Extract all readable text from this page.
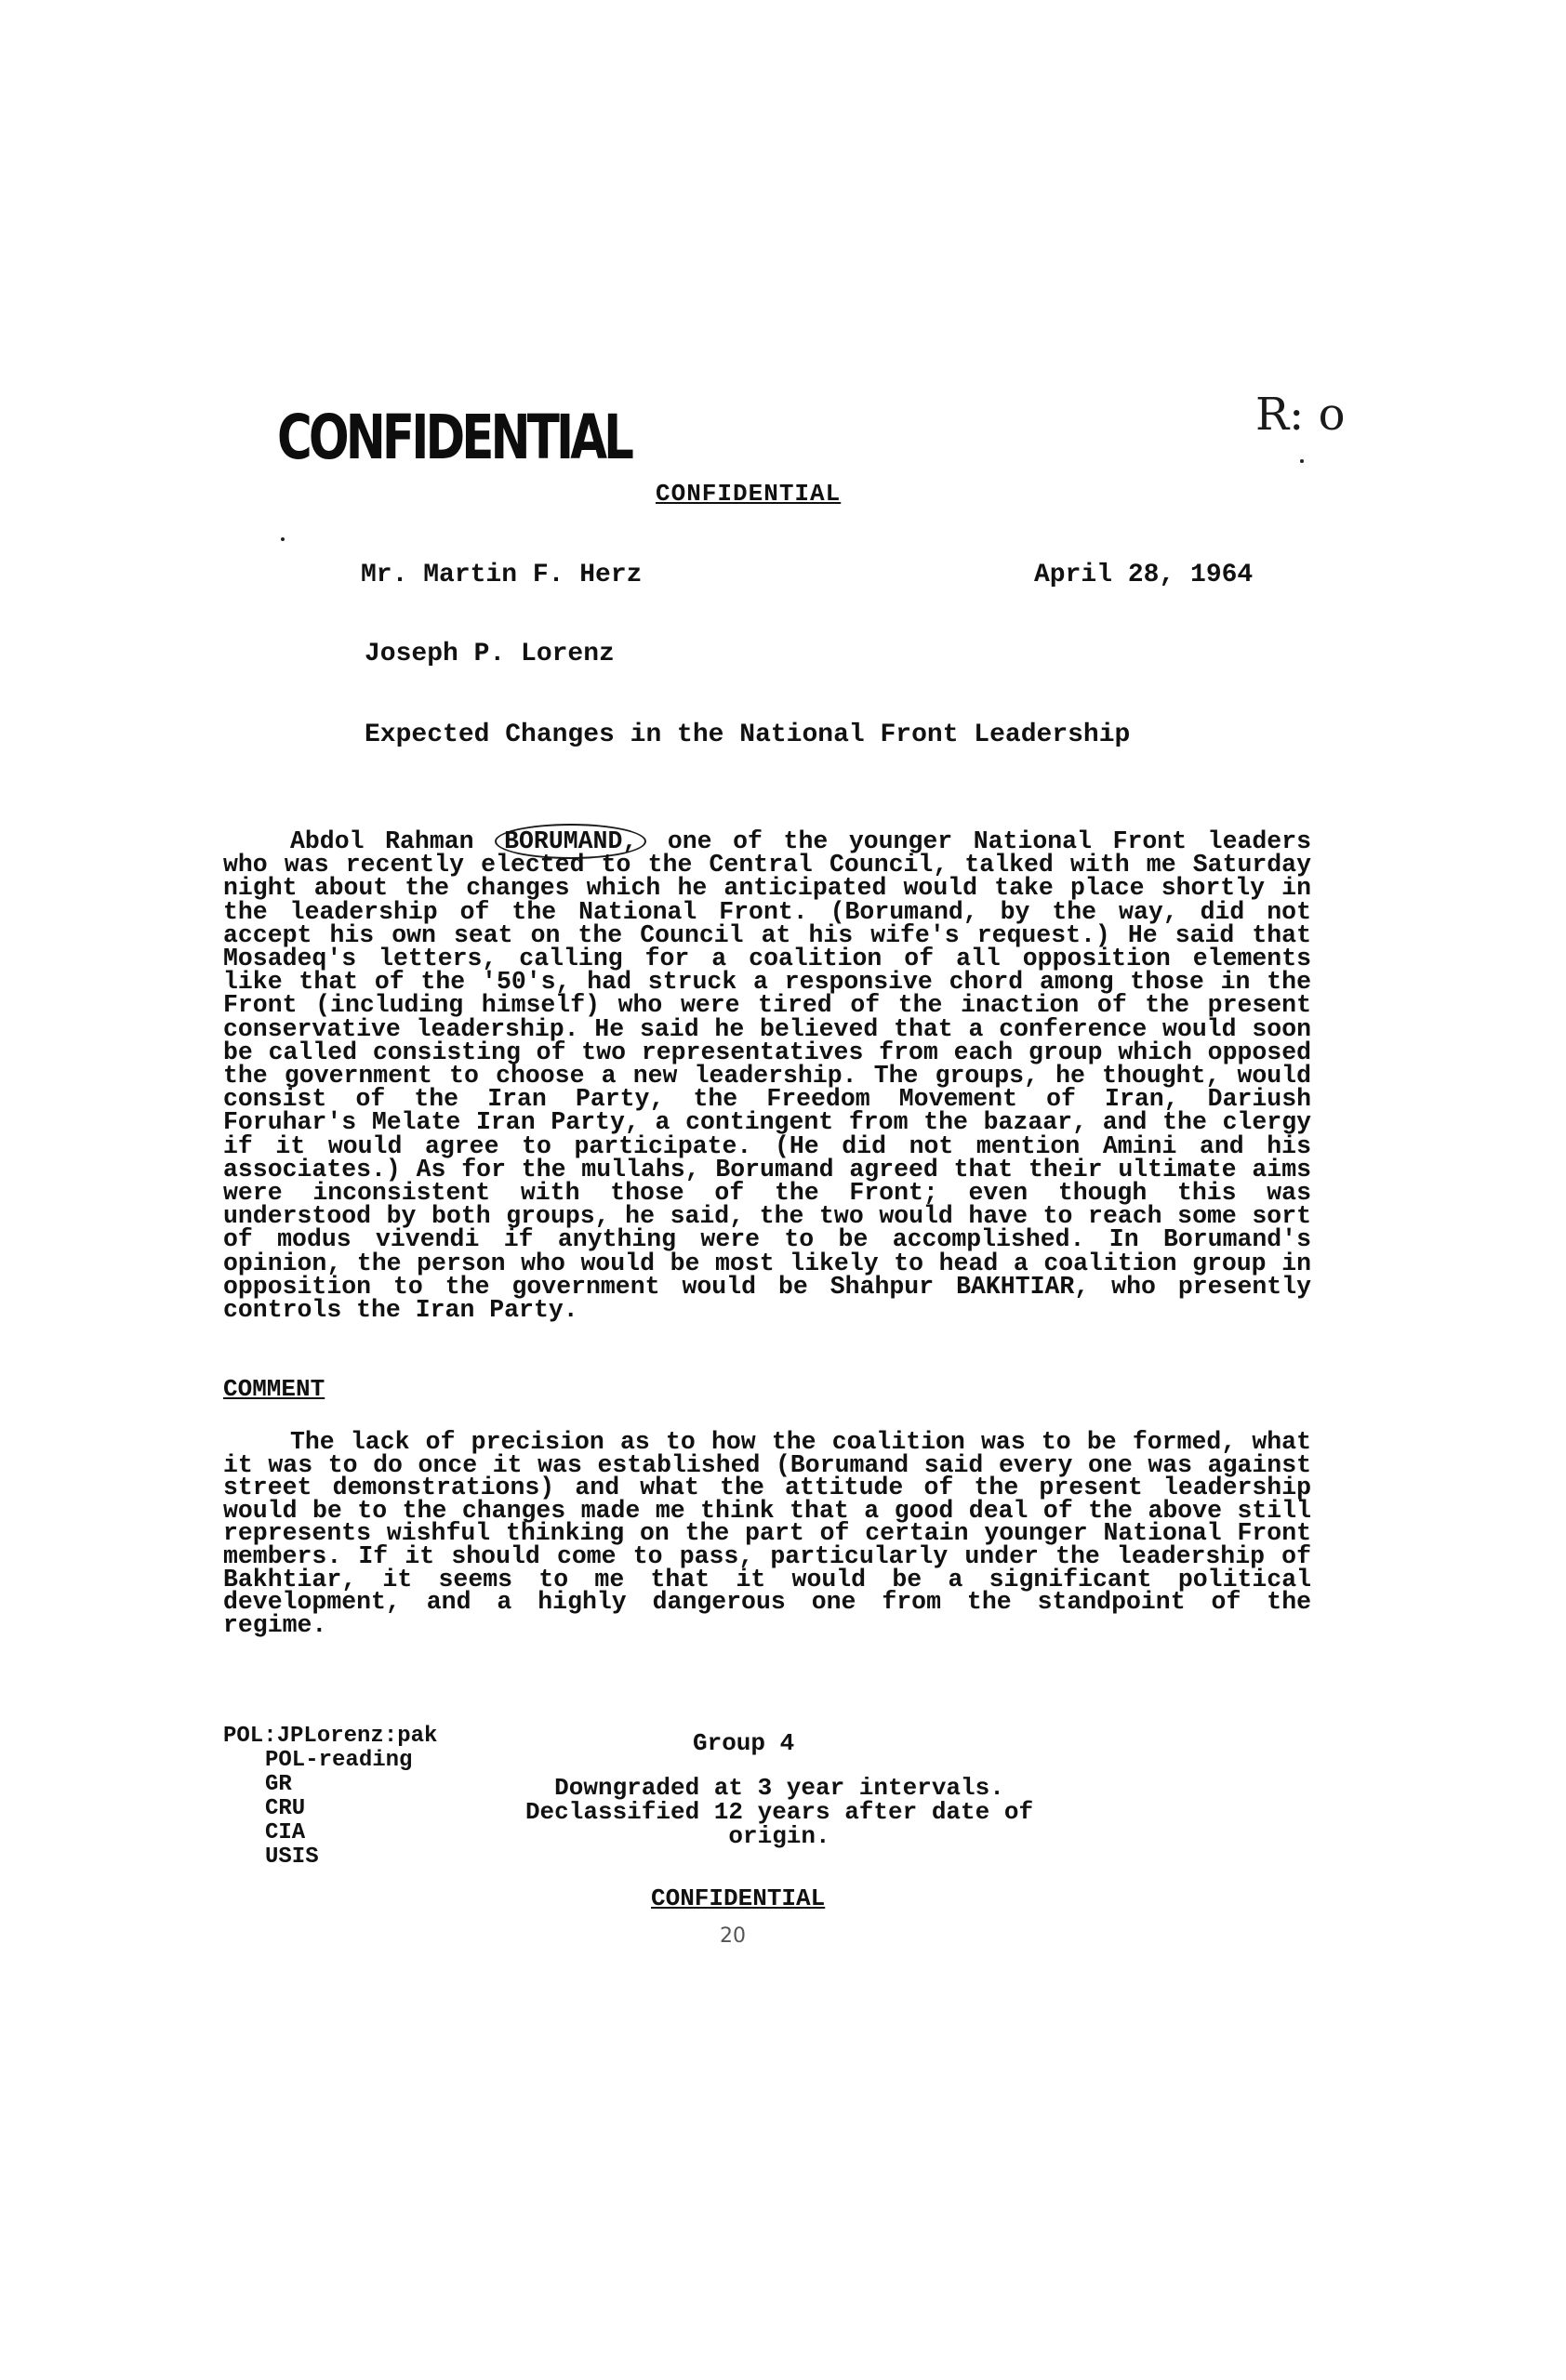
CONFIDENTIAL	R: o
CONFIDENTIAL
Mr. Martin F. Herz	April 28, 1964
Joseph P. Lorenz
Expected Changes in the National Front Leadership

Abdol Rahman BORUMAND, one of the younger National Front leaders who was recently elected to the Central Council, talked with me Saturday night about the changes which he anticipated would take place shortly in the leadership of the National Front. (Borumand, by the way, did not accept his own seat on the Council at his wife's request.) He said that Mosadeq's letters, calling for a coalition of all opposition elements like that of the '50's, had struck a responsive chord among those in the Front (including himself) who were tired of the inaction of the present conservative leadership. He said he believed that a conference would soon be called consisting of two representatives from each group which opposed the government to choose a new leadership. The groups, he thought, would consist of the Iran Party, the Freedom Movement of Iran, Dariush Foruhar's Melate Iran Party, a contingent from the bazaar, and the clergy if it would agree to participate. (He did not mention Amini and his associates.) As for the mullahs, Borumand agreed that their ultimate aims were inconsistent with those of the Front; even though this was understood by both groups, he said, the two would have to reach some sort of modus vivendi if anything were to be accomplished. In Borumand's opinion, the person who would be most likely to head a coalition group in opposition to the government would be Shahpur BAKHTIAR, who presently controls the Iran Party.

COMMENT

The lack of precision as to how the coalition was to be formed, what it was to do once it was established (Borumand said every one was against street demonstrations) and what the attitude of the present leadership would be to the changes made me think that a good deal of the above still represents wishful thinking on the part of certain younger National Front members. If it should come to pass, particularly under the leadership of Bakhtiar, it seems to me that it would be a significant political development, and a highly dangerous one from the standpoint of the regime.

POL:JPLorenz:pak
POL-reading
GR
CRU
CIA
USIS
Group 4
Downgraded at 3 year intervals.
Declassified 12 years after date of origin.
CONFIDENTIAL
20
